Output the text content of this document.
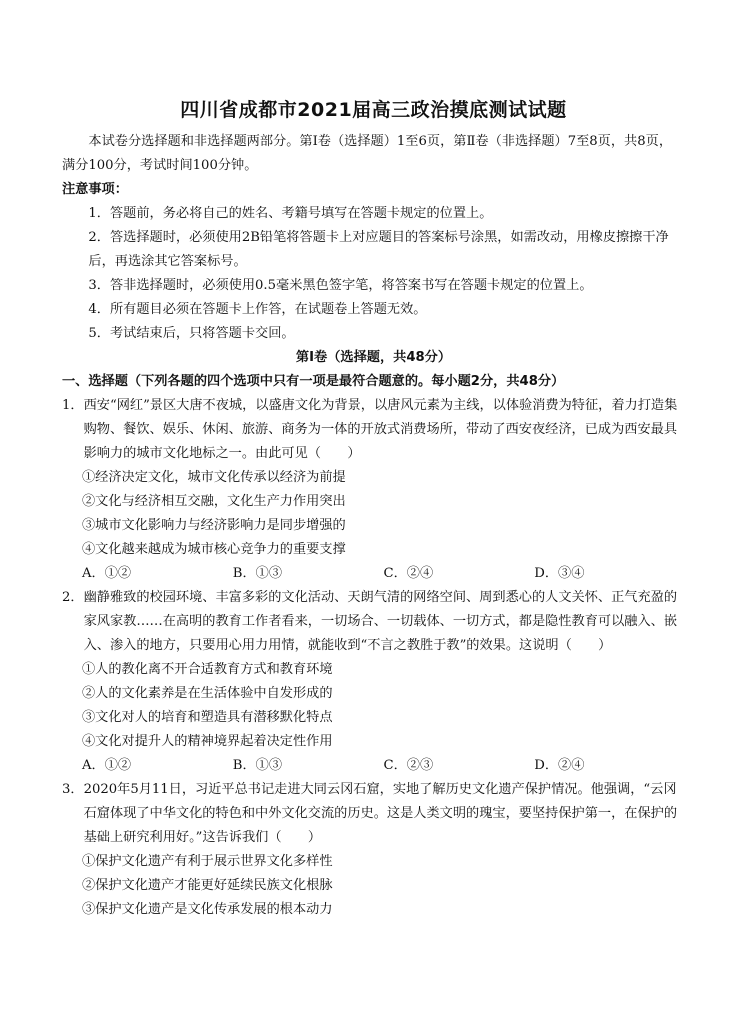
四川省成都市2021届高三政治摸底测试试题

本试卷分选择题和非选择题两部分。第Ⅰ卷（选择题）1至6页，第Ⅱ卷（非选择题）7至8页，共8页，满分100分，考试时间100分钟。

注意事项：

1．答题前，务必将自己的姓名、考籍号填写在答题卡规定的位置上。

2．答选择题时，必须使用2B铅笔将答题卡上对应题目的答案标号涂黑，如需改动，用橡皮擦擦干净后，再选涂其它答案标号。

3．答非选择题时，必须使用0.5毫米黑色签字笔，将答案书写在答题卡规定的位置上。

4．所有题目必须在答题卡上作答，在试题卷上答题无效。

5．考试结束后，只将答题卡交回。

第Ⅰ卷（选择题，共48分）

一、选择题（下列各题的四个选项中只有一项是最符合题意的。每小题2分，共48分）

1． 西安“网红”景区大唐不夜城，以盛唐文化为背景，以唐风元素为主线，以体验消费为特征，着力打造集购物、餐饮、娱乐、休闲、旅游、商务为一体的开放式消费场所，带动了西安夜经济，已成为西安最具影响力的城市文化地标之一。由此可见（　　）
①经济决定文化，城市文化传承以经济为前提
②文化与经济相互交融，文化生产力作用突出
③城市文化影响力与经济影响力是同步增强的
④文化越来越成为城市核心竞争力的重要支撑
A．①②	B．①③	C．②④	D．③④
2． 幽静雅致的校园环境、丰富多彩的文化活动、天朗气清的网络空间、周到悉心的人文关怀、正气充盈的家风家教……在高明的教育工作者看来，一切场合、一切载体、一切方式，都是隐性教育可以融入、嵌入、渗入的地方，只要用心用力用情，就能收到“不言之教胜于教”的效果。这说明（　　）
①人的教化离不开合适教育方式和教育环境
②人的文化素养是在生活体验中自发形成的
③文化对人的培育和塑造具有潜移默化特点
④文化对提升人的精神境界起着决定性作用
A．①②	B．①③	C．②③	D．②④
3． 2020年5月11日，习近平总书记走进大同云冈石窟，实地了解历史文化遗产保护情况。他强调，“云冈石窟体现了中华文化的特色和中外文化交流的历史。这是人类文明的瑰宝，要坚持保护第一，在保护的基础上研究利用好。”这告诉我们（　　）
①保护文化遗产有利于展示世界文化多样性
②保护文化遗产才能更好延续民族文化根脉
③保护文化遗产是文化传承发展的根本动力
